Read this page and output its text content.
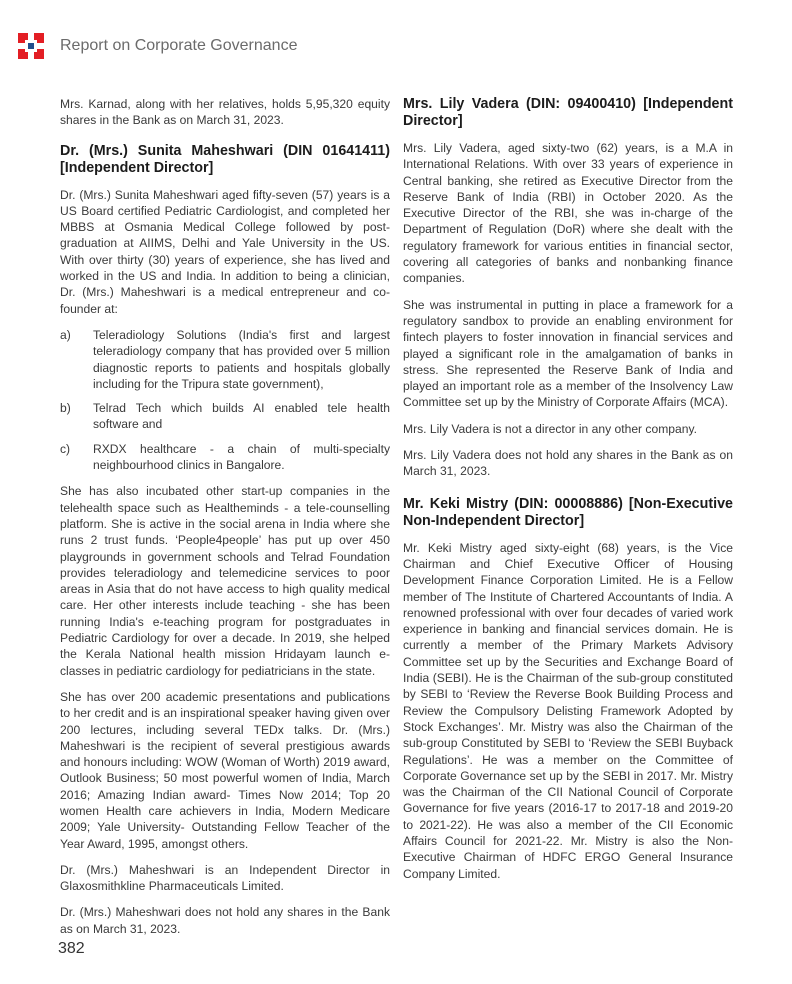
Report on Corporate Governance

Mrs. Karnad, along with her relatives, holds 5,95,320 equity shares in the Bank as on March 31, 2023.

Dr. (Mrs.) Sunita Maheshwari (DIN 01641411) [Independent Director]

Dr. (Mrs.) Sunita Maheshwari aged fifty-seven (57) years is a US Board certified Pediatric Cardiologist, and completed her MBBS at Osmania Medical College followed by post-graduation at AIIMS, Delhi and Yale University in the US. With over thirty (30) years of experience, she has lived and worked in the US and India. In addition to being a clinician, Dr. (Mrs.) Maheshwari is a medical entrepreneur and co-founder at:

a)	Teleradiology Solutions (India's first and largest teleradiology company that has provided over 5 million diagnostic reports to patients and hospitals globally including for the Tripura state government),
b)	Telrad Tech which builds AI enabled tele health software and
c)	RXDX healthcare - a chain of multi-specialty neighbourhood clinics in Bangalore.

She has also incubated other start-up companies in the telehealth space such as Healtheminds - a tele-counselling platform. She is active in the social arena in India where she runs 2 trust funds. ‘People4people’ has put up over 450 playgrounds in government schools and Telrad Foundation provides teleradiology and telemedicine services to poor areas in Asia that do not have access to high quality medical care. Her other interests include teaching - she has been running India's e-teaching program for postgraduates in Pediatric Cardiology for over a decade. In 2019, she helped the Kerala National health mission Hridayam launch e-classes in pediatric cardiology for pediatricians in the state.

She has over 200 academic presentations and publications to her credit and is an inspirational speaker having given over 200 lectures, including several TEDx talks. Dr. (Mrs.) Maheshwari is the recipient of several prestigious awards and honours including: WOW (Woman of Worth) 2019 award, Outlook Business; 50 most powerful women of India, March 2016; Amazing Indian award- Times Now 2014; Top 20 women Health care achievers in India, Modern Medicare 2009; Yale University- Outstanding Fellow Teacher of the Year Award, 1995, amongst others.

Dr. (Mrs.) Maheshwari is an Independent Director in Glaxosmithkline Pharmaceuticals Limited.

Dr. (Mrs.) Maheshwari does not hold any shares in the Bank as on March 31, 2023.

Mrs. Lily Vadera (DIN: 09400410) [Independent Director]

Mrs. Lily Vadera, aged sixty-two (62) years, is a M.A in International Relations. With over 33 years of experience in Central banking, she retired as Executive Director from the Reserve Bank of India (RBI) in October 2020. As the Executive Director of the RBI, she was in-charge of the Department of Regulation (DoR) where she dealt with the regulatory framework for various entities in financial sector, covering all categories of banks and nonbanking finance companies.

She was instrumental in putting in place a framework for a regulatory sandbox to provide an enabling environment for fintech players to foster innovation in financial services and played a significant role in the amalgamation of banks in stress. She represented the Reserve Bank of India and played an important role as a member of the Insolvency Law Committee set up by the Ministry of Corporate Affairs (MCA).

Mrs. Lily Vadera is not a director in any other company.

Mrs. Lily Vadera does not hold any shares in the Bank as on March 31, 2023.

Mr. Keki Mistry (DIN: 00008886) [Non-Executive Non-Independent Director]

Mr. Keki Mistry aged sixty-eight (68) years, is the Vice Chairman and Chief Executive Officer of Housing Development Finance Corporation Limited. He is a Fellow member of The Institute of Chartered Accountants of India. A renowned professional with over four decades of varied work experience in banking and financial services domain. He is currently a member of the Primary Markets Advisory Committee set up by the Securities and Exchange Board of India (SEBI). He is the Chairman of the sub-group constituted by SEBI to ‘Review the Reverse Book Building Process and Review the Compulsory Delisting Framework Adopted by Stock Exchanges’. Mr. Mistry was also the Chairman of the sub-group Constituted by SEBI to ‘Review the SEBI Buyback Regulations’. He was a member on the Committee of Corporate Governance set up by the SEBI in 2017. Mr. Mistry was the Chairman of the CII National Council of Corporate Governance for five years (2016-17 to 2017-18 and 2019-20 to 2021-22). He was also a member of the CII Economic Affairs Council for 2021-22. Mr. Mistry is also the Non-Executive Chairman of HDFC ERGO General Insurance Company Limited.

382
